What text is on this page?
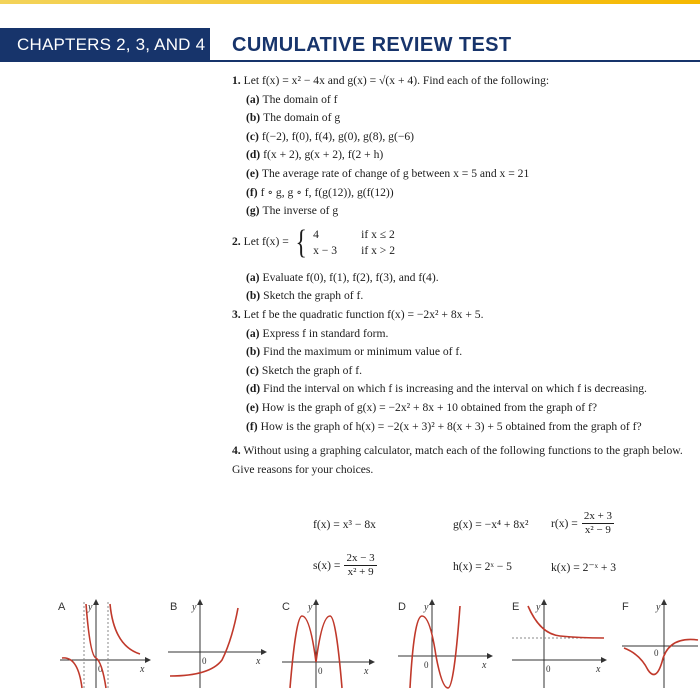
CHAPTERS 2, 3, AND 4 CUMULATIVE REVIEW TEST
1. Let f(x) = x² − 4x and g(x) = √(x + 4). Find each of the following:
(a) The domain of f
(b) The domain of g
(c) f(−2), f(0), f(4), g(0), g(8), g(−6)
(d) f(x + 2), g(x + 2), f(2 + h)
(e) The average rate of change of g between x = 5 and x = 21
(f) f ∘ g, g ∘ f, f(g(12)), g(f(12))
(g) The inverse of g
2.
Let f(x) = { 4	if x ≤ 2
x − 3	if x > 2
(a) Evaluate f(0), f(1), f(2), f(3), and f(4).
(b) Sketch the graph of f.
3. Let f be the quadratic function f(x) = −2x² + 8x + 5.
(a) Express f in standard form.
(b) Find the maximum or minimum value of f.
(c) Sketch the graph of f.
(d) Find the interval on which f is increasing and the interval on which f is decreasing.
(e) How is the graph of g(x) = −2x² + 8x + 10 obtained from the graph of f?
(f) How is the graph of h(x) = −2(x + 3)² + 8(x + 3) + 5 obtained from the graph of f?
4. Without using a graphing calculator, match each of the following functions to the graph below. Give reasons for your choices.
f(x) = x³ − 8x	g(x) = −x⁴ + 8x² $r(x) = \frac{2x + 3}{\text{x² − 9}}$
$s(x) = \frac{2x - 3}{\text{x² + 9}}$	h(x) = 2ˣ − 5	k(x) = 2⁻ˣ + 3
A y
x
0
B y
x
0
C y
x
0
D y
x
0
E y
x
0
F	y
0
